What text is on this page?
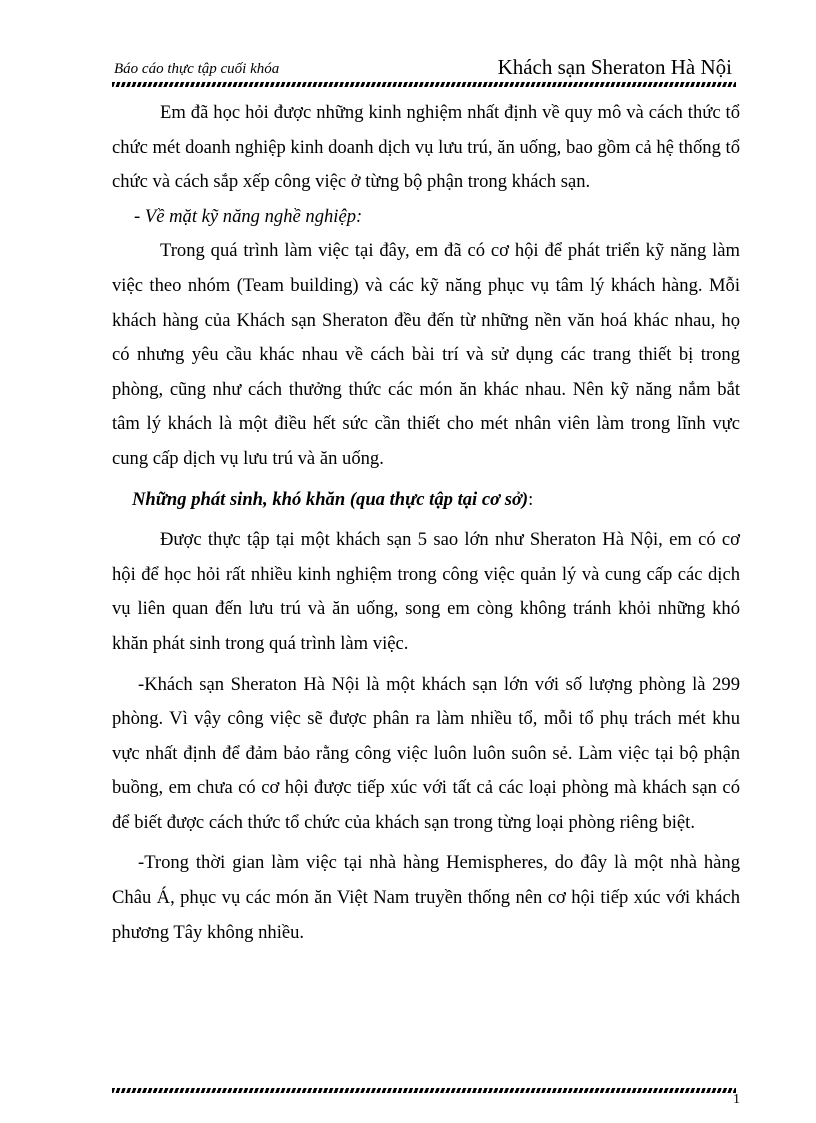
Báo cáo thực tập cuối khóa	Khách sạn Sheraton Hà Nội

Em đã học hỏi được những kinh nghiệm nhất định về quy mô và cách thức tổ chức mét doanh nghiệp kinh doanh dịch vụ lưu trú, ăn uống, bao gồm cả hệ thống tổ chức và cách sắp xếp công việc ở từng bộ phận trong khách sạn.

- Về mặt kỹ năng nghề nghiệp:

Trong quá trình làm việc tại đây, em đã có cơ hội để phát triển kỹ năng làm việc theo nhóm (Team building) và các kỹ năng phục vụ tâm lý khách hàng. Mỗi khách hàng của Khách sạn Sheraton đều đến từ những nền văn hoá khác nhau, họ có nhưng yêu cầu khác nhau về cách bài trí và sử dụng các trang thiết bị trong phòng, cũng như cách thưởng thức các món ăn khác nhau. Nên kỹ năng nắm bắt tâm lý khách là một điều hết sức cần thiết cho mét nhân viên làm trong lĩnh vực cung cấp dịch vụ lưu trú và ăn uống.

Những phát sinh, khó khăn (qua thực tập tại cơ sở):

Được thực tập tại một khách sạn 5 sao lớn như Sheraton Hà Nội, em có cơ hội để học hỏi rất nhiều kinh nghiệm trong công việc quản lý và cung cấp các dịch vụ liên quan đến lưu trú và ăn uống, song em còng không tránh khỏi những khó khăn phát sinh trong quá trình làm việc.

-Khách sạn Sheraton Hà Nội là một khách sạn lớn với số lượng phòng là 299 phòng. Vì vậy công việc sẽ được phân ra làm nhiều tổ, mỗi tổ phụ trách mét khu vực nhất định để đảm bảo rằng công việc luôn luôn suôn sẻ. Làm việc tại bộ phận buồng, em chưa có cơ hội được tiếp xúc với tất cả các loại phòng mà khách sạn có để biết được cách thức tổ chức của khách sạn trong từng loại phòng riêng biệt.

-Trong thời gian làm việc tại nhà hàng Hemispheres, do đây là một nhà hàng Châu Á, phục vụ các món ăn Việt Nam truyền thống nên cơ hội tiếp xúc với khách phương Tây không nhiều.

1
